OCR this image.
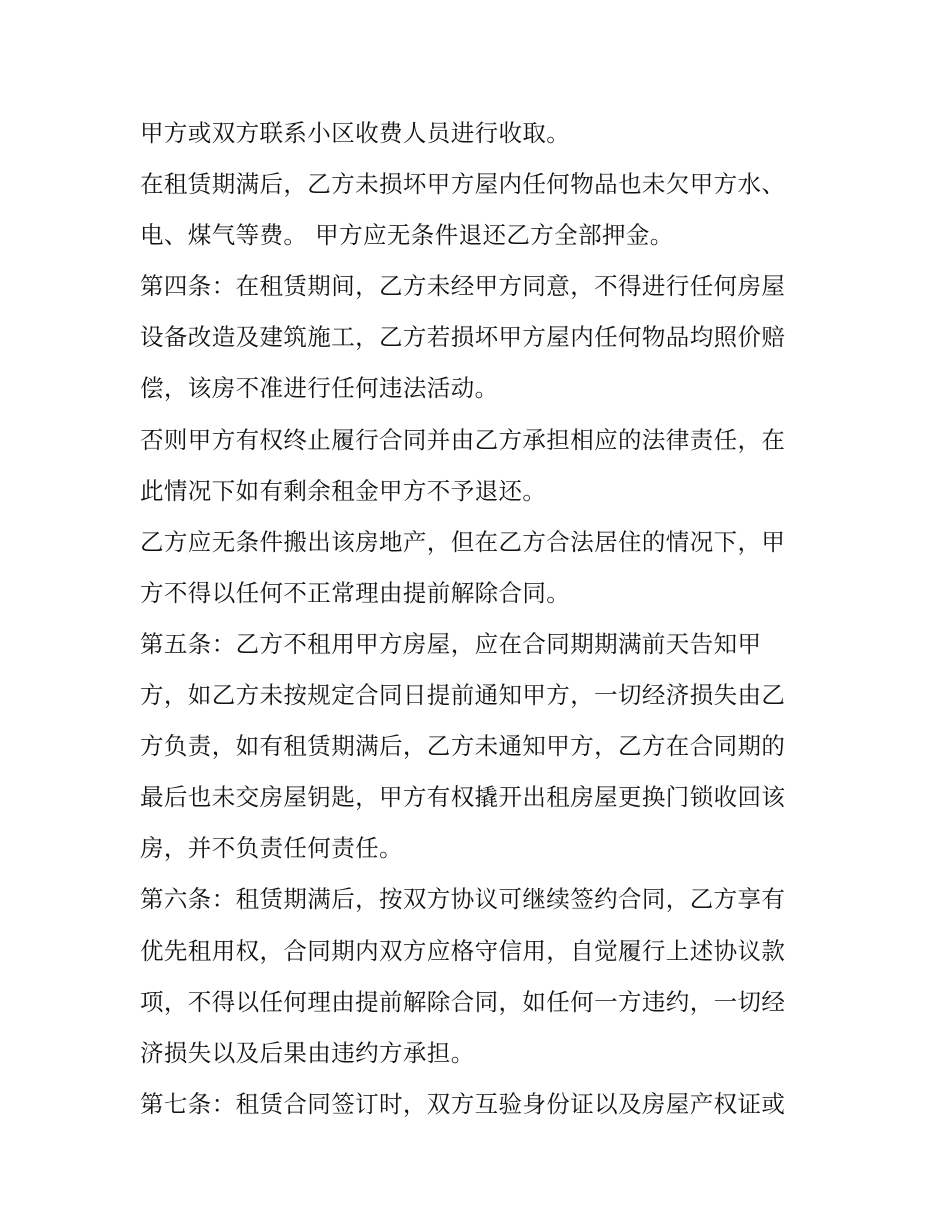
甲方或双方联系小区收费人员进行收取。
在租赁期满后，乙方未损坏甲方屋内任何物品也未欠甲方水、
电、煤气等费。 甲方应无条件退还乙方全部押金。
第四条：在租赁期间，乙方未经甲方同意，不得进行任何房屋
设备改造及建筑施工，乙方若损坏甲方屋内任何物品均照价赔
偿，该房不准进行任何违法活动。
否则甲方有权终止履行合同并由乙方承担相应的法律责任，在
此情况下如有剩余租金甲方不予退还。
乙方应无条件搬出该房地产，但在乙方合法居住的情况下，甲
方不得以任何不正常理由提前解除合同。
第五条：乙方不租用甲方房屋，应在合同期期满前天告知甲
方，如乙方未按规定合同日提前通知甲方，一切经济损失由乙
方负责，如有租赁期满后，乙方未通知甲方，乙方在合同期的
最后也未交房屋钥匙，甲方有权撬开出租房屋更换门锁收回该
房，并不负责任何责任。
第六条：租赁期满后，按双方协议可继续签约合同，乙方享有
优先租用权，合同期内双方应格守信用，自觉履行上述协议款
项，不得以任何理由提前解除合同，如任何一方违约，一切经
济损失以及后果由违约方承担。
第七条：租赁合同签订时，双方互验身份证以及房屋产权证或
